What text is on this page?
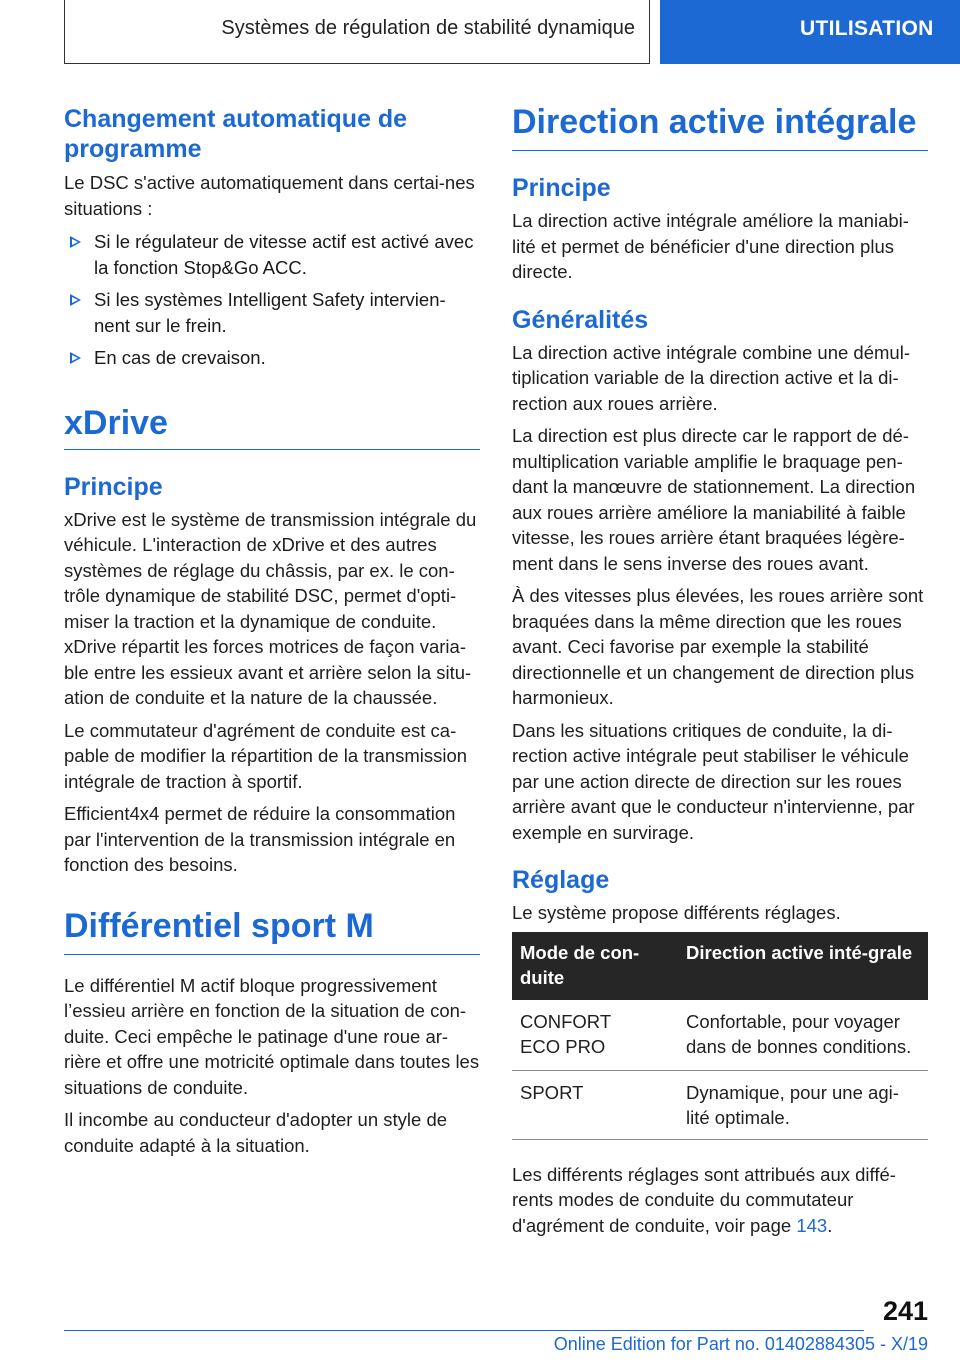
Systèmes de régulation de stabilité dynamique	UTILISATION
Changement automatique de programme
Le DSC s'active automatiquement dans certai-nes situations :
Si le régulateur de vitesse actif est activé avec la fonction Stop&Go ACC.
Si les systèmes Intelligent Safety intervien-nent sur le frein.
En cas de crevaison.
xDrive
Principe
xDrive est le système de transmission intégrale du véhicule. L'interaction de xDrive et des autres systèmes de réglage du châssis, par ex. le con-trôle dynamique de stabilité DSC, permet d'opti-miser la traction et la dynamique de conduite. xDrive répartit les forces motrices de façon varia-ble entre les essieux avant et arrière selon la situ-ation de conduite et la nature de la chaussée.
Le commutateur d'agrément de conduite est ca-pable de modifier la répartition de la transmission intégrale de traction à sportif.
Efficient4x4 permet de réduire la consommation par l'intervention de la transmission intégrale en fonction des besoins.
Différentiel sport M
Le différentiel M actif bloque progressivement l’essieu arrière en fonction de la situation de con-duite. Ceci empêche le patinage d'une roue ar-rière et offre une motricité optimale dans toutes les situations de conduite.
Il incombe au conducteur d'adopter un style de conduite adapté à la situation.
Direction active intégrale
Principe
La direction active intégrale améliore la maniabi-lité et permet de bénéficier d'une direction plus directe.
Généralités
La direction active intégrale combine une démul-tiplication variable de la direction active et la di-rection aux roues arrière.
La direction est plus directe car le rapport de dé-multiplication variable amplifie le braquage pen-dant la manœuvre de stationnement. La direction aux roues arrière améliore la maniabilité à faible vitesse, les roues arrière étant braquées légère-ment dans le sens inverse des roues avant.
À des vitesses plus élevées, les roues arrière sont braquées dans la même direction que les roues avant. Ceci favorise par exemple la stabilité directionnelle et un changement de direction plus harmonieux.
Dans les situations critiques de conduite, la di-rection active intégrale peut stabiliser le véhicule par une action directe de direction sur les roues arrière avant que le conducteur n'intervienne, par exemple en survirage.
Réglage
Le système propose différents réglages.
Mode de con-duite	Direction active inté-grale

CONFORT
ECO PRO	Confortable, pour voyager dans de bonnes conditions.

SPORT	Dynamique, pour une agi-lité optimale.
Les différents réglages sont attribués aux diffé-rents modes de conduite du commutateur d'agrément de conduite, voir page 143.
241
Online Edition for Part no. 01402884305 - X/19
